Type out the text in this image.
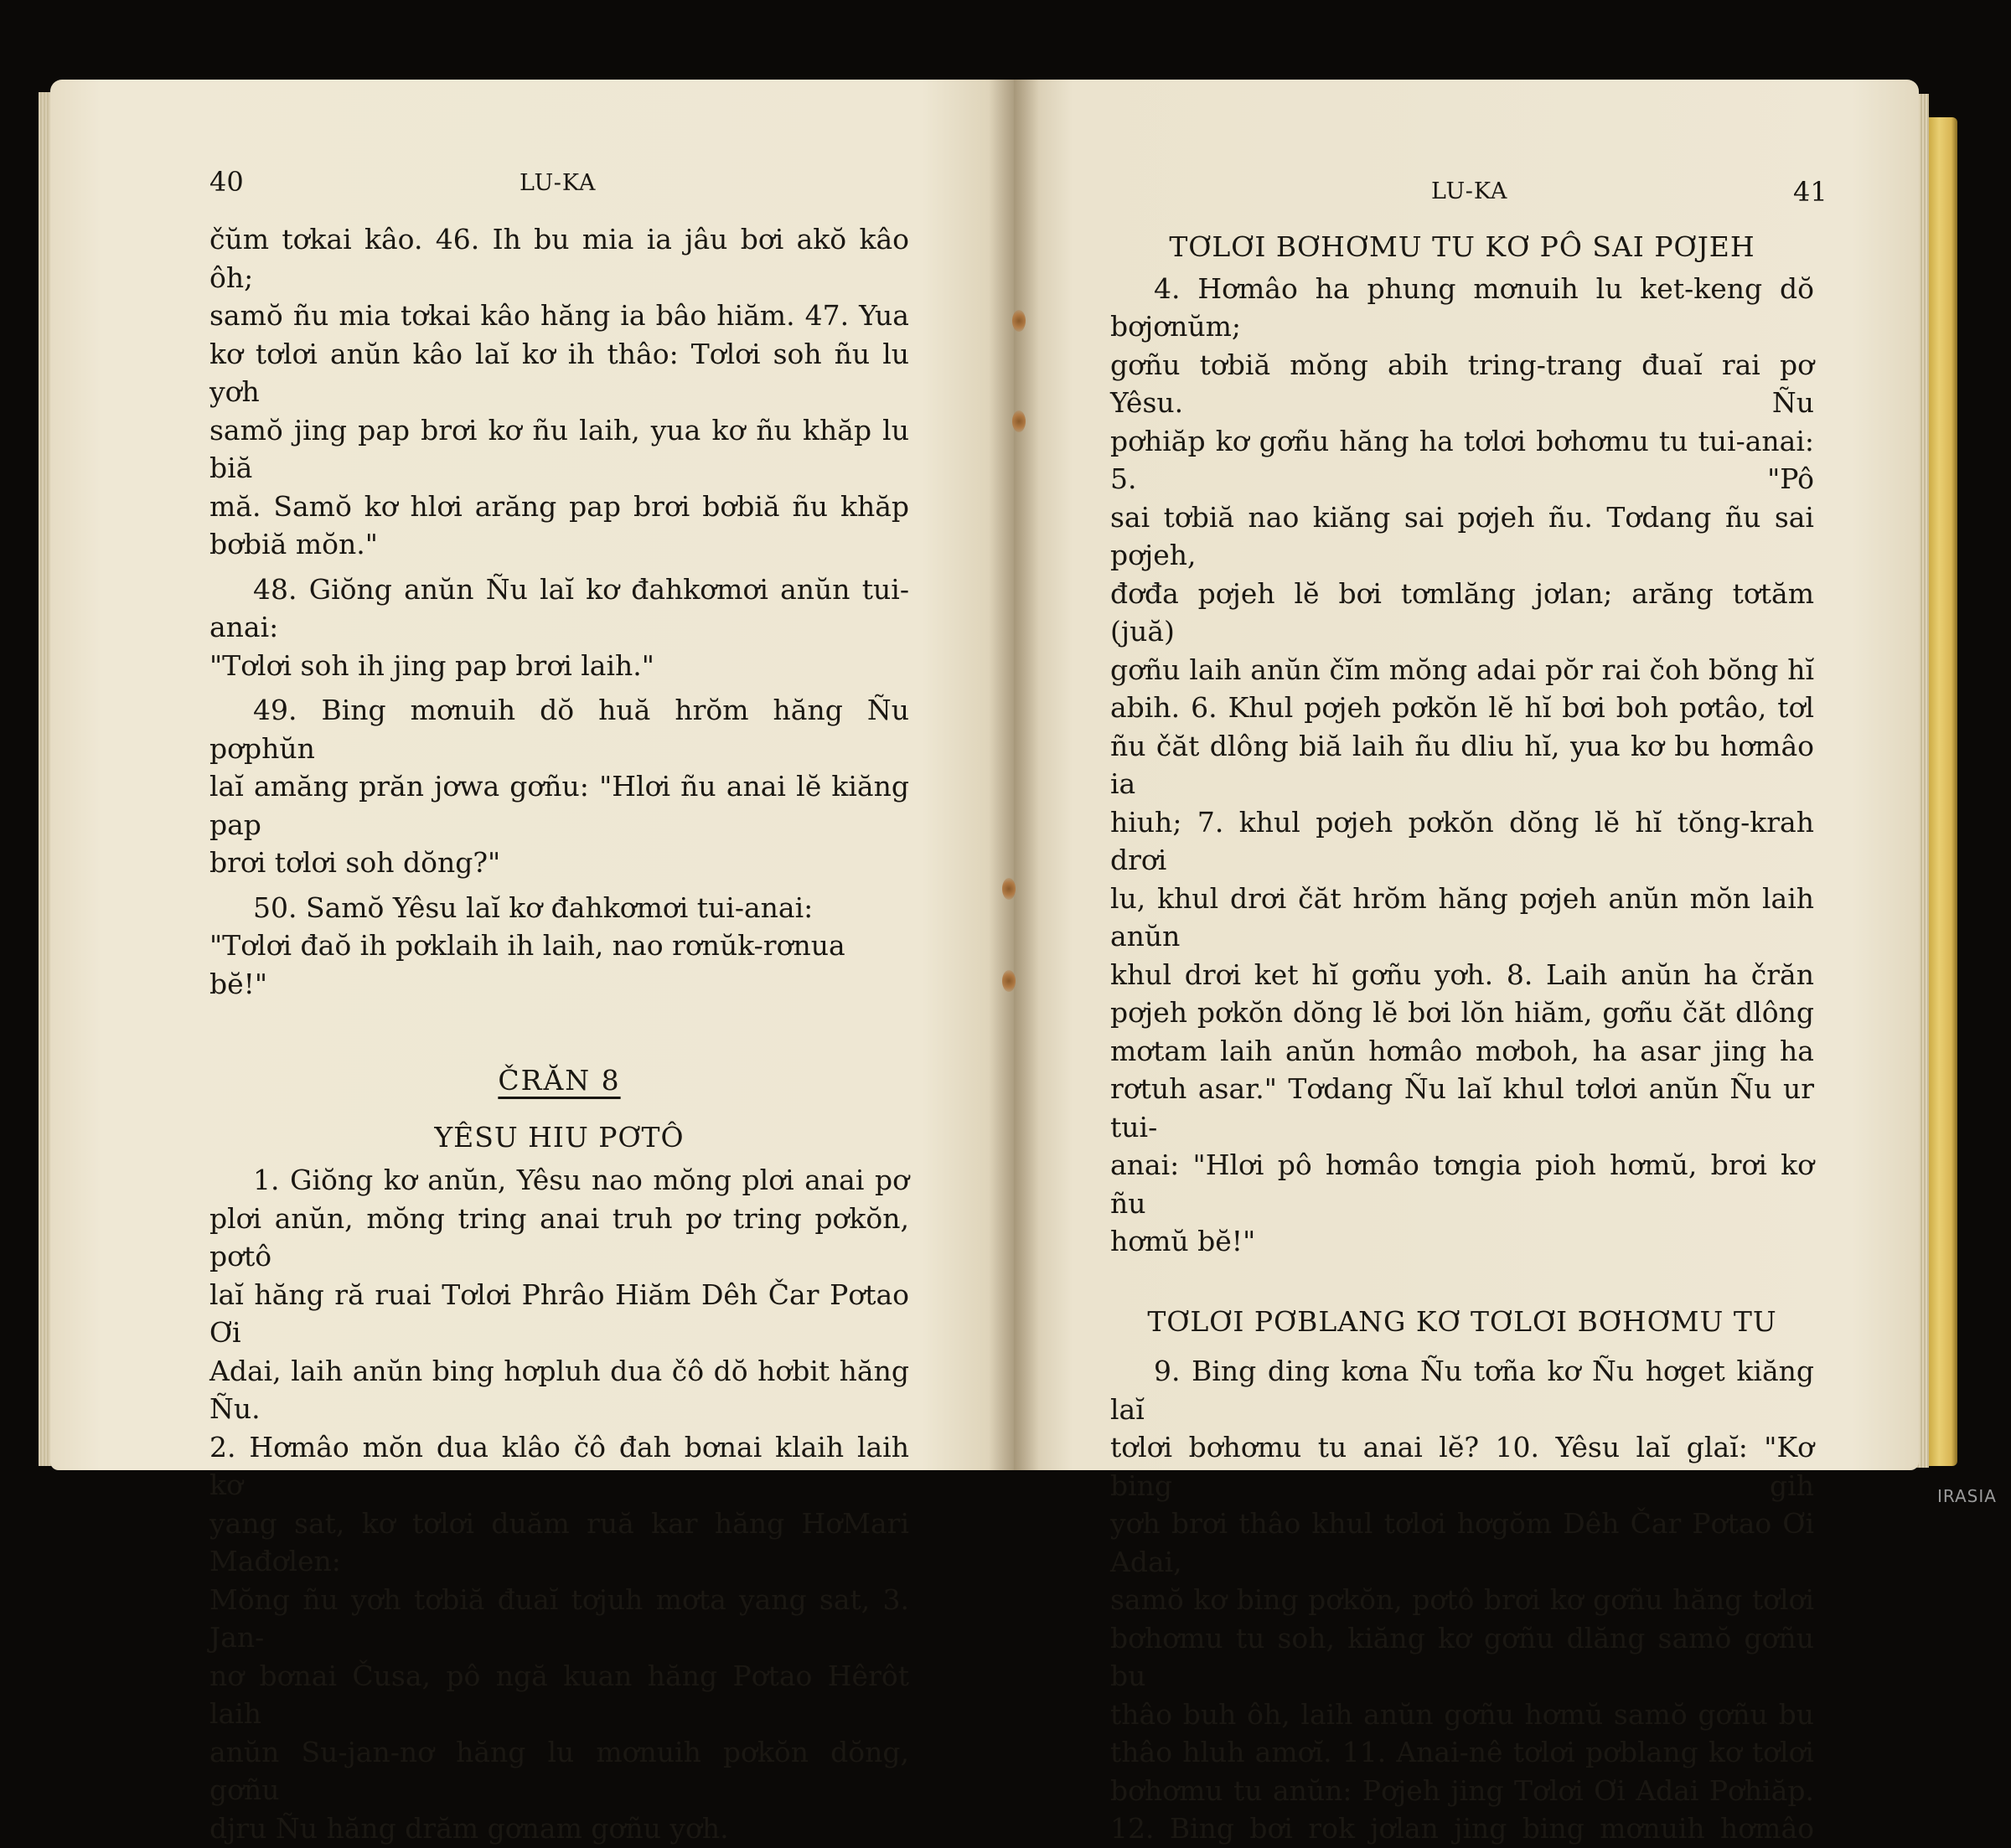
40	LU-KA

čŭm tơkai kâo. 46. Ih bu mia ia jâu bơi akŏ kâo ôh;

samŏ ñu mia tơkai kâo hăng ia bâo hiăm. 47. Yua

kơ tơlơi anŭn kâo laĭ kơ ih thâo: Tơlơi soh ñu lu yơh

samŏ jing pap brơi kơ ñu laih, yua kơ ñu khăp lu biă

mă. Samŏ kơ hlơi arăng pap brơi bơbiă ñu khăp

bơbiă mŏn."

48. Giŏng anŭn Ñu laĭ kơ đahkơmơi anŭn tui-anai:

"Tơlơi soh ih jing pap brơi laih."

49. Bing mơnuih dŏ huă hrŏm hăng Ñu pơphŭn

laĭ amăng prăn jơwa gơñu: "Hlơi ñu anai lĕ kiăng pap

brơi tơlơi soh dŏng?"

50. Samŏ Yêsu laĭ kơ đahkơmơi tui-anai:

"Tơlơi đaŏ ih pơklaih ih laih, nao rơnŭk-rơnua bĕ!"

ČRĂN 8

YÊSU HIU PƠTÔ

1. Giŏng kơ anŭn, Yêsu nao mŏng plơi anai pơ

plơi anŭn, mŏng tring anai truh pơ tring pơkŏn, pơtô

laĭ hăng ră ruai Tơlơi Phrâo Hiăm Dêh Čar Pơtao Ơi

Adai, laih anŭn bing hơpluh dua čô dŏ hơbit hăng Ñu.

2. Hơmâo mŏn dua klâo čô đah bơnai klaih laih kơ

yang sat, kơ tơlơi duăm ruă kar hăng HơMari Mađơlen:

Mŏng ñu yơh tơbiă đuaĭ tơjuh mơta yang sat, 3. Jan-

nơ bơnai Čusa, pô ngă kuan hăng Pơtao Hêrôt laih

anŭn Su-jan-nơ hăng lu mơnuih pơkŏn dŏng, gơñu

djru Ñu hăng drăm gơnam gơñu yơh.

LU-KA	41

TƠLƠI BƠHƠMU TU KƠ PÔ SAI PƠJEH

4. Hơmâo ha phung mơnuih lu ket-keng dŏ bơjơnŭm;

gơñu tơbiă mŏng abih tring-trang đuaĭ rai pơ Yêsu. Ñu

pơhiăp kơ gơñu hăng ha tơlơi bơhơmu tu tui-anai: 5. "Pô

sai tơbiă nao kiăng sai pơjeh ñu. Tơdang ñu sai pơjeh,

đơđa pơjeh lĕ bơi tơmlăng jơlan; arăng tơtăm (juă)

gơñu laih anŭn čĭm mŏng adai pŏr rai čoh bŏng hĭ

abih. 6. Khul pơjeh pơkŏn lĕ hĭ bơi boh pơtâo, tơl

ñu čăt dlông biă laih ñu dliu hĭ, yua kơ bu hơmâo ia

hiuh; 7. khul pơjeh pơkŏn dŏng lĕ hĭ tŏng-krah drơi

lu, khul drơi čăt hrŏm hăng pơjeh anŭn mŏn laih anŭn

khul drơi ket hĭ gơñu yơh. 8. Laih anŭn ha črăn

pơjeh pơkŏn dŏng lĕ bơi lŏn hiăm, gơñu čăt dlông

mơtam laih anŭn hơmâo mơboh, ha asar jing ha

rơtuh asar." Tơdang Ñu laĭ khul tơlơi anŭn Ñu ur tui-

anai: "Hlơi pô hơmâo tơngia pioh hơmŭ, brơi kơ ñu

hơmŭ bĕ!"

TƠLƠI PƠBLANG KƠ TƠLƠI BƠHƠMU TU

9. Bing ding kơna Ñu tơña kơ Ñu hơget kiăng laĭ

tơlơi bơhơmu tu anai lĕ? 10. Yêsu laĭ glaĭ: "Kơ bing gih

yơh brơi thâo khul tơlơi hơgŏm Dêh Čar Pơtao Ơi Adai,

samŏ kơ bing pơkŏn, pơtô brơi kơ gơñu hăng tơlơi

bơhơmu tu soh, kiăng kơ gơñu dlăng samŏ gơñu bu

thâo buh ôh, laih anŭn gơñu hơmŭ samŏ gơñu bu

thâo hluh amơĭ. 11. Anai-nê tơlơi pơblang kơ tơlơi

bơhơmu tu anŭn: Pơjeh jing Tơlơi Ơi Adai Pơhiăp.

12. Bing bơi rok jơlan jing bing mơnuih hơmâo

IRASIA
